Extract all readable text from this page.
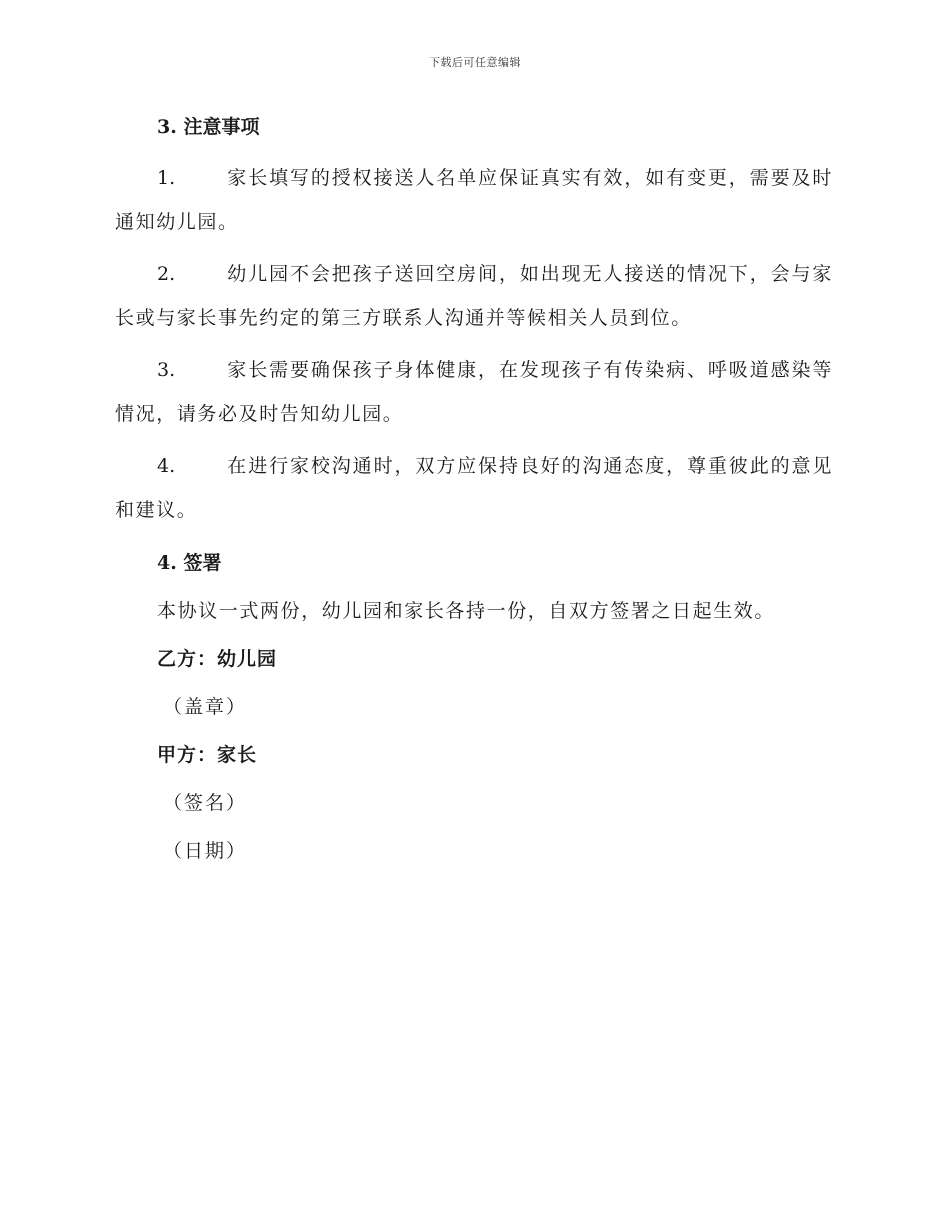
下载后可任意编辑
3. 注意事项
1.	家长填写的授权接送人名单应保证真实有效，如有变更，需要及时通知幼儿园。
2.	幼儿园不会把孩子送回空房间，如出现无人接送的情况下，会与家长或与家长事先约定的第三方联系人沟通并等候相关人员到位。
3.	家长需要确保孩子身体健康，在发现孩子有传染病、呼吸道感染等情况，请务必及时告知幼儿园。
4.	在进行家校沟通时，双方应保持良好的沟通态度，尊重彼此的意见和建议。
4. 签署
本协议一式两份，幼儿园和家长各持一份，自双方签署之日起生效。
乙方：幼儿园
（盖章）
甲方：家长
（签名）
（日期）
